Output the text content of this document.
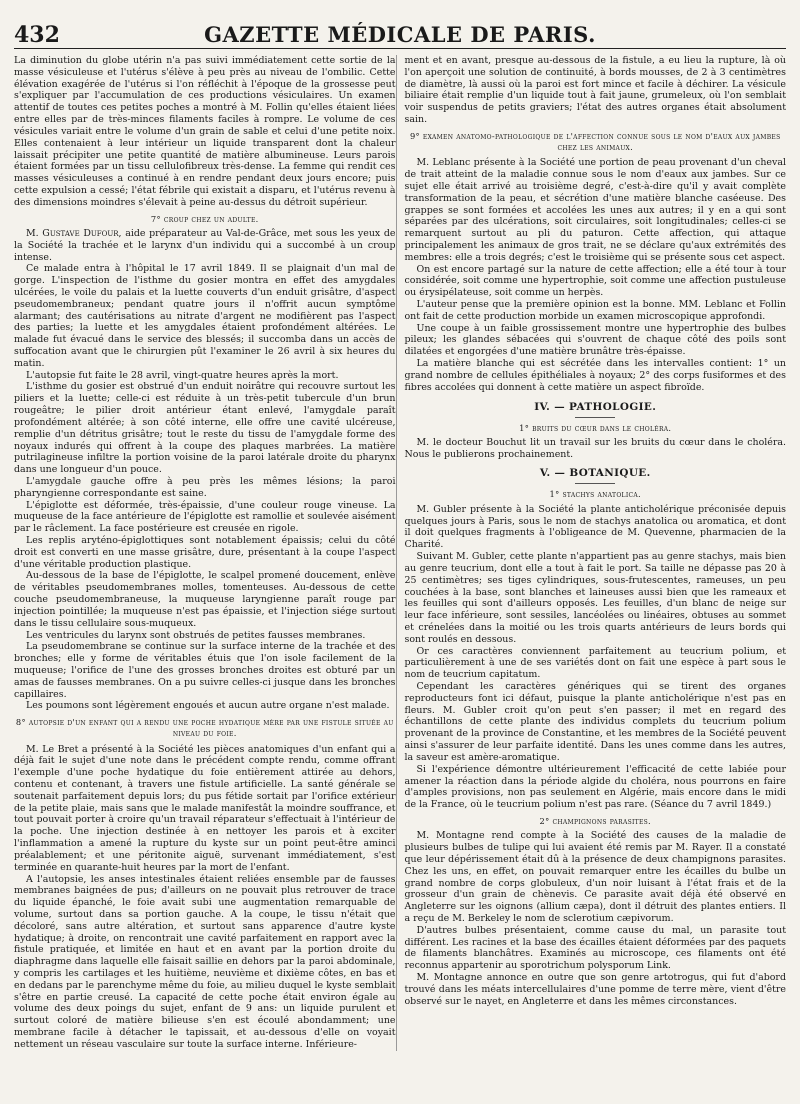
432	GAZETTE MÉDICALE DE PARIS.

La diminution du globe utérin n'a pas suivi immédiatement cette sortie de la masse vésiculeuse et l'utérus s'élève à peu près au niveau de l'ombilic. Cette élévation exagérée de l'utérus si l'on réfléchit à l'époque de la grossesse peut s'expliquer par l'accumulation de ces productions vésiculaires. Un examen attentif de toutes ces petites poches a montré à M. Follin qu'elles étaient liées entre elles par de très-minces filaments faciles à rompre. Le volume de ces vésicules variait entre le volume d'un grain de sable et celui d'une petite noix. Elles contenaient à leur intérieur un liquide transparent dont la chaleur laissait précipiter une petite quantité de matière albumineuse. Leurs parois étaient formées par un tissu cellulofibreux très-dense. La femme qui rendit ces masses vésiculeuses a continué à en rendre pendant deux jours encore; puis cette expulsion a cessé; l'état fébrile qui existait a disparu, et l'utérus revenu à des dimensions moindres s'élevait à peine au-dessus du détroit supérieur.

7° croup chez un adulte.

M. Gustave Dufour, aide préparateur au Val-de-Grâce, met sous les yeux de la Société la trachée et le larynx d'un individu qui a succombé à un croup intense.

Ce malade entra à l'hôpital le 17 avril 1849. Il se plaignait d'un mal de gorge. L'inspection de l'isthme du gosier montra en effet des amygdales ulcérées, le voile du palais et la luette couverts d'un enduit grisâtre, d'aspect pseudomembraneux; pendant quatre jours il n'offrit aucun symptôme alarmant; des cautérisations au nitrate d'argent ne modifièrent pas l'aspect des parties; la luette et les amygdales étaient profondément altérées. Le malade fut évacué dans le service des blessés; il succomba dans un accès de suffocation avant que le chirurgien pût l'examiner le 26 avril à six heures du matin.

L'autopsie fut faite le 28 avril, vingt-quatre heures après la mort.

L'isthme du gosier est obstrué d'un enduit noirâtre qui recouvre surtout les piliers et la luette; celle-ci est réduite à un très-petit tubercule d'un brun rougeâtre; le pilier droit antérieur étant enlevé, l'amygdale paraît profondément altérée; à son côté interne, elle offre une cavité ulcéreuse, remplie d'un détritus grisâtre; tout le reste du tissu de l'amygdale forme des noyaux indurés qui offrent à la coupe des plaques marbrées. La matière putrilagineuse infiltre la portion voisine de la paroi latérale droite du pharynx dans une longueur d'un pouce.

L'amygdale gauche offre à peu près les mêmes lésions; la paroi pharyngienne correspondante est saine.

L'épiglotte est déformée, très-épaissie, d'une couleur rouge vineuse. La muqueuse de la face antérieure de l'épiglotte est ramollie et soulevée aisément par le râclement. La face postérieure est creusée en rigole.

Les replis aryténo-épiglottiques sont notablement épaissis; celui du côté droit est converti en une masse grisâtre, dure, présentant à la coupe l'aspect d'une véritable production plastique.

Au-dessous de la base de l'épiglotte, le scalpel promené doucement, enlève de véritables pseudomembranes molles, tomenteuses. Au-dessous de cette couche pseudomembraneuse, la muqueuse laryngienne paraît rouge par injection pointillée; la muqueuse n'est pas épaissie, et l'injection siége surtout dans le tissu cellulaire sous-muqueux.

Les ventricules du larynx sont obstrués de petites fausses membranes.

La pseudomembrane se continue sur la surface interne de la trachée et des bronches; elle y forme de véritables étuis que l'on isole facilement de la muqueuse; l'orifice de l'une des grosses bronches droites est obturé par un amas de fausses membranes. On a pu suivre celles-ci jusque dans les bronches capillaires.

Les poumons sont légèrement engoués et aucun autre organe n'est malade.

8° autopsie d'un enfant qui a rendu une poche hydatique mère par une fistule située au niveau du foie.

M. Le Bret a présenté à la Société les pièces anatomiques d'un enfant qui a déjà fait le sujet d'une note dans le précédent compte rendu, comme offrant l'exemple d'une poche hydatique du foie entièrement attirée au dehors, contenu et contenant, à travers une fistule artificielle. La santé générale se soutenait parfaitement depuis lors; du pus fétide sortait par l'orifice extérieur de la petite plaie, mais sans que le malade manifestât la moindre souffrance, et tout pouvait porter à croire qu'un travail réparateur s'effectuait à l'intérieur de la poche. Une injection destinée à en nettoyer les parois et à exciter l'inflammation a amené la rupture du kyste sur un point peut-être aminci préalablement; et une péritonite aiguë, survenant immédiatement, s'est terminée en quarante-huit heures par la mort de l'enfant.

A l'autopsie, les anses intestinales étaient reliées ensemble par de fausses membranes baignées de pus; d'ailleurs on ne pouvait plus retrouver de trace du liquide épanché, le foie avait subi une augmentation remarquable de volume, surtout dans sa portion gauche. A la coupe, le tissu n'était que décoloré, sans autre altération, et surtout sans apparence d'autre kyste hydatique; à droite, on rencontrait une cavité parfaitement en rapport avec la fistule pratiquée, et limitée en haut et en avant par la portion droite du diaphragme dans laquelle elle faisait saillie en dehors par la paroi abdominale, y compris les cartilages et les huitième, neuvième et dixième côtes, en bas et en dedans par le parenchyme même du foie, au milieu duquel le kyste semblait s'être en partie creusé. La capacité de cette poche était environ égale au volume des deux poings du sujet, enfant de 9 ans: un liquide purulent et surtout coloré de matière bilieuse s'en est écoulé abondamment; une membrane facile à détacher le tapissait, et au-dessous d'elle on voyait nettement un réseau vasculaire sur toute la surface interne. Inférieure-

ment et en avant, presque au-dessous de la fistule, a eu lieu la rupture, là où l'on aperçoit une solution de continuité, à bords mousses, de 2 à 3 centimètres de diamètre, là aussi où la paroi est fort mince et facile à déchirer. La vésicule biliaire était remplie d'un liquide tout à fait jaune, grumeleux, où l'on semblait voir suspendus de petits graviers; l'état des autres organes était absolument sain.

9° examen anatomo-pathologique de l'affection connue sous le nom d'eaux aux jambes chez les animaux.

M. Leblanc présente à la Société une portion de peau provenant d'un cheval de trait atteint de la maladie connue sous le nom d'eaux aux jambes. Sur ce sujet elle était arrivé au troisième degré, c'est-à-dire qu'il y avait complète transformation de la peau, et sécrétion d'une matière blanche caséeuse. Des grappes se sont formées et accolées les unes aux autres; il y en a qui sont séparées par des ulcérations, soit circulaires, soit longitudinales; celles-ci se remarquent surtout au pli du paturon. Cette affection, qui attaque principalement les animaux de gros trait, ne se déclare qu'aux extrémités des membres: elle a trois degrés; c'est le troisième qui se présente sous cet aspect.

On est encore partagé sur la nature de cette affection; elle a été tour à tour considérée, soit comme une hypertrophie, soit comme une affection pustuleuse ou érysipélateuse, soit comme un herpès.

L'auteur pense que la première opinion est la bonne. MM. Leblanc et Follin ont fait de cette production morbide un examen microscopique approfondi.

Une coupe à un faible grossissement montre une hypertrophie des bulbes pileux; les glandes sébacées qui s'ouvrent de chaque côté des poils sont dilatées et engorgées d'une matière brunâtre très-épaisse.

La matière blanche qui est sécrétée dans les intervalles contient: 1° un grand nombre de cellules épithéliales à noyaux; 2° des corps fusiformes et des fibres accolées qui donnent à cette matière un aspect fibroïde.

IV. — PATHOLOGIE.
1° bruits du cœur dans le choléra.

M. le docteur Bouchut lit un travail sur les bruits du cœur dans le choléra. Nous le publierons prochainement.

V. — BOTANIQUE.
1° stachys anatolica.

M. Gubler présente à la Société la plante anticholérique préconisée depuis quelques jours à Paris, sous le nom de stachys anatolica ou aromatica, et dont il doit quelques fragments à l'obligeance de M. Quevenne, pharmacien de la Charité.

Suivant M. Gubler, cette plante n'appartient pas au genre stachys, mais bien au genre teucrium, dont elle a tout à fait le port. Sa taille ne dépasse pas 20 à 25 centimètres; ses tiges cylindriques, sous-frutescentes, rameuses, un peu couchées à la base, sont blanches et laineuses aussi bien que les rameaux et les feuilles qui sont d'ailleurs opposés. Les feuilles, d'un blanc de neige sur leur face inférieure, sont sessiles, lancéolées ou linéaires, obtuses au sommet et crénelées dans la moitié ou les trois quarts antérieurs de leurs bords qui sont roulés en dessous.

Or ces caractères conviennent parfaitement au teucrium polium, et particulièrement à une de ses variétés dont on fait une espèce à part sous le nom de teucrium capitatum.

Cependant les caractères génériques qui se tirent des organes reproducteurs font ici défaut, puisque la plante anticholérique n'est pas en fleurs. M. Gubler croit qu'on peut s'en passer; il met en regard des échantillons de cette plante des individus complets du teucrium polium provenant de la province de Constantine, et les membres de la Société peuvent ainsi s'assurer de leur parfaite identité. Dans les unes comme dans les autres, la saveur est amère-aromatique.

Si l'expérience démontre ultérieurement l'efficacité de cette labiée pour amener la réaction dans la période algide du choléra, nous pourrons en faire d'amples provisions, non pas seulement en Algérie, mais encore dans le midi de la France, où le teucrium polium n'est pas rare. (Séance du 7 avril 1849.)

2° champignons parasites.

M. Montagne rend compte à la Société des causes de la maladie de plusieurs bulbes de tulipe qui lui avaient été remis par M. Rayer. Il a constaté que leur dépérissement était dû à la présence de deux champignons parasites. Chez les uns, en effet, on pouvait remarquer entre les écailles du bulbe un grand nombre de corps globuleux, d'un noir luisant à l'état frais et de la grosseur d'un grain de chènevis. Ce parasite avait déjà été observé en Angleterre sur les oignons (allium cæpa), dont il détruit des plantes entiers. Il a reçu de M. Berkeley le nom de sclerotium cæpivorum.

D'autres bulbes présentaient, comme cause du mal, un parasite tout différent. Les racines et la base des écailles étaient déformées par des paquets de filaments blanchâtres. Examinés au microscope, ces filaments ont été reconnus appartenir au sporotrichum polysporum Link.

M. Montagne annonce en outre que son genre artotrogus, qui fut d'abord trouvé dans les méats intercellulaires d'une pomme de terre mère, vient d'être observé sur le nayet, en Angleterre et dans les mêmes circonstances.
